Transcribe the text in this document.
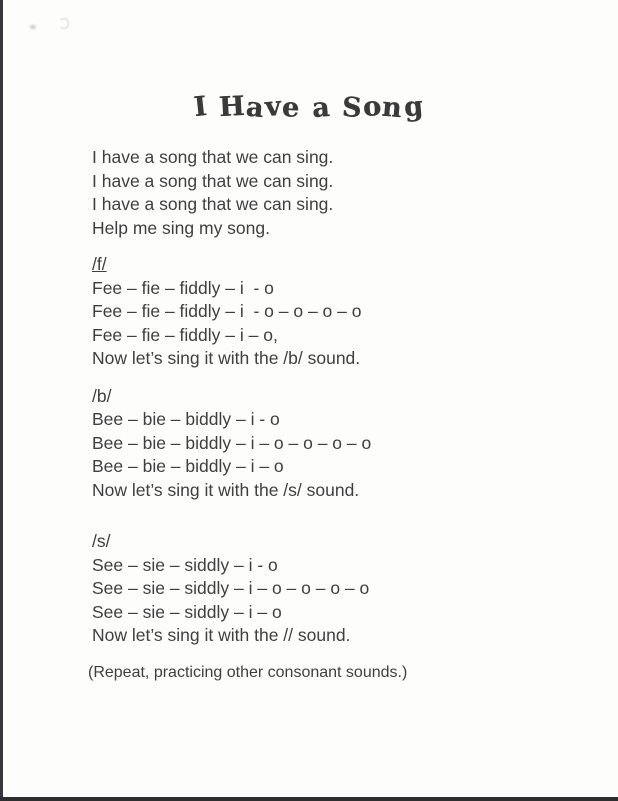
I Have a Song
I have a song that we can sing.
I have a song that we can sing.
I have a song that we can sing.
Help me sing my song.
/f/
Fee – fie – fiddly – i  - o
Fee – fie – fiddly – i  - o – o – o – o
Fee – fie – fiddly – i – o,
Now let’s sing it with the /b/ sound.
/b/
Bee – bie – biddly – i - o
Bee – bie – biddly – i – o – o – o – o
Bee – bie – biddly – i – o
Now let’s sing it with the /s/ sound.
/s/
See – sie – siddly – i - o
See – sie – siddly – i – o – o – o – o
See – sie – siddly – i – o
Now let’s sing it with the // sound.
(Repeat, practicing other consonant sounds.)
